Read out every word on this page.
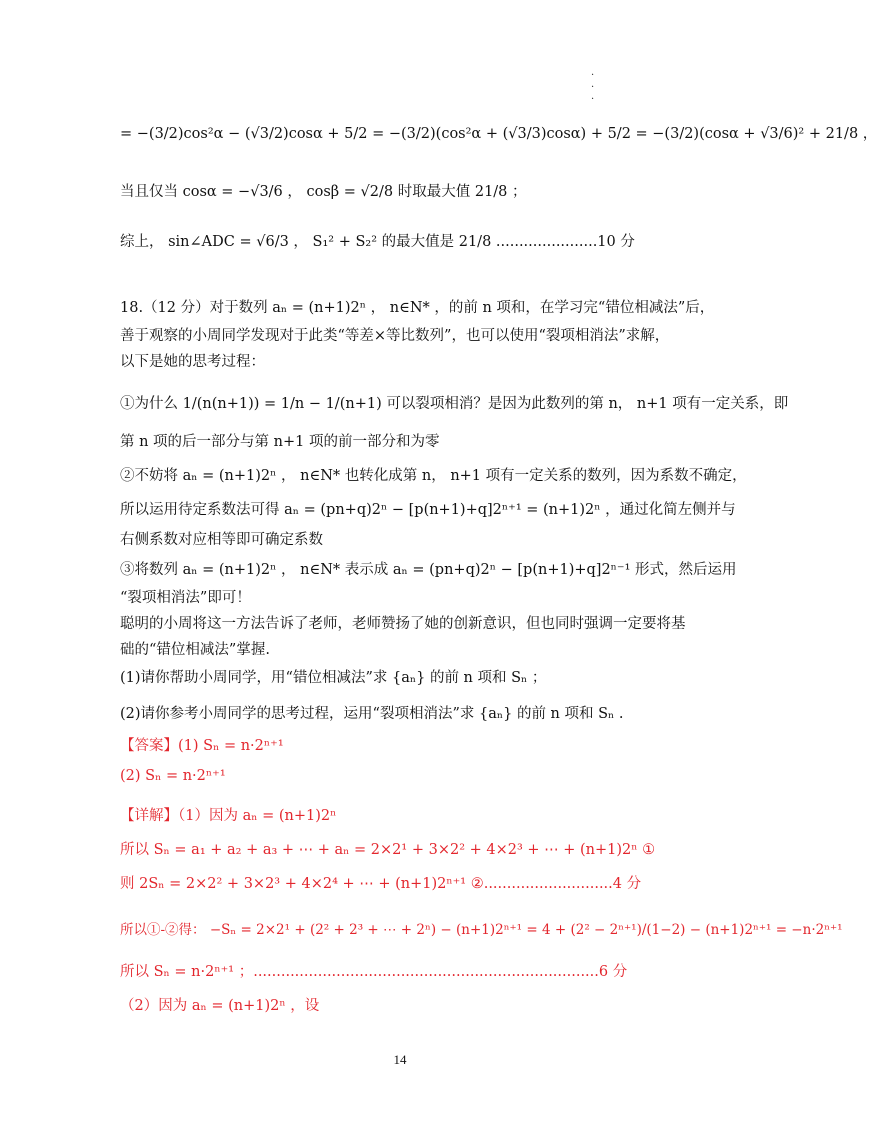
· · ·
= −(3/2)cos²α − (√3/2)cosα + 5/2 = −(3/2)(cos²α + (√3/3)cosα) + 5/2 = −(3/2)(cosα + √3/6)² + 21/8 ，
当且仅当 cosα = −√3/6 ， cosβ = √2/8 时取最大值 21/8 ；
综上， sin∠ADC = √6/3 ， S₁² + S₂² 的最大值是 21/8 ......................10 分
18.（12 分）对于数列 aₙ = (n+1)2ⁿ ， n∈N* ，的前 n 项和，在学习完“错位相减法”后，
善于观察的小周同学发现对于此类“等差×等比数列”，也可以使用“裂项相消法”求解，
以下是她的思考过程：
①为什么 1/(n(n+1)) = 1/n − 1/(n+1) 可以裂项相消？是因为此数列的第 n， n+1 项有一定关系，即
第 n 项的后一部分与第 n+1 项的前一部分和为零
②不妨将 aₙ = (n+1)2ⁿ ， n∈N* 也转化成第 n， n+1 项有一定关系的数列，因为系数不确定，
所以运用待定系数法可得 aₙ = (pn+q)2ⁿ − [p(n+1)+q]2ⁿ⁺¹ = (n+1)2ⁿ ，通过化简左侧并与
右侧系数对应相等即可确定系数
③将数列 aₙ = (n+1)2ⁿ ， n∈N* 表示成 aₙ = (pn+q)2ⁿ − [p(n+1)+q]2ⁿ⁻¹ 形式，然后运用
“裂项相消法”即可！
聪明的小周将这一方法告诉了老师，老师赞扬了她的创新意识，但也同时强调一定要将基
础的“错位相减法”掌握.
(1)请你帮助小周同学，用“错位相减法”求 {aₙ} 的前 n 项和 Sₙ ；
(2)请你参考小周同学的思考过程，运用“裂项相消法”求 {aₙ} 的前 n 项和 Sₙ .
【答案】(1) Sₙ = n·2ⁿ⁺¹
(2) Sₙ = n·2ⁿ⁺¹
【详解】（1）因为 aₙ = (n+1)2ⁿ
所以 Sₙ = a₁ + a₂ + a₃ + ⋯ + aₙ = 2×2¹ + 3×2² + 4×2³ + ⋯ + (n+1)2ⁿ ①
则 2Sₙ = 2×2² + 3×2³ + 4×2⁴ + ⋯ + (n+1)2ⁿ⁺¹ ②............................4 分
所以①-②得： −Sₙ = 2×2¹ + (2² + 2³ + ⋯ + 2ⁿ) − (n+1)2ⁿ⁺¹ = 4 + (2² − 2ⁿ⁺¹)/(1−2) − (n+1)2ⁿ⁺¹ = −n·2ⁿ⁺¹
所以 Sₙ = n·2ⁿ⁺¹ ；...........................................................................6 分
（2）因为 aₙ = (n+1)2ⁿ ，设
14
